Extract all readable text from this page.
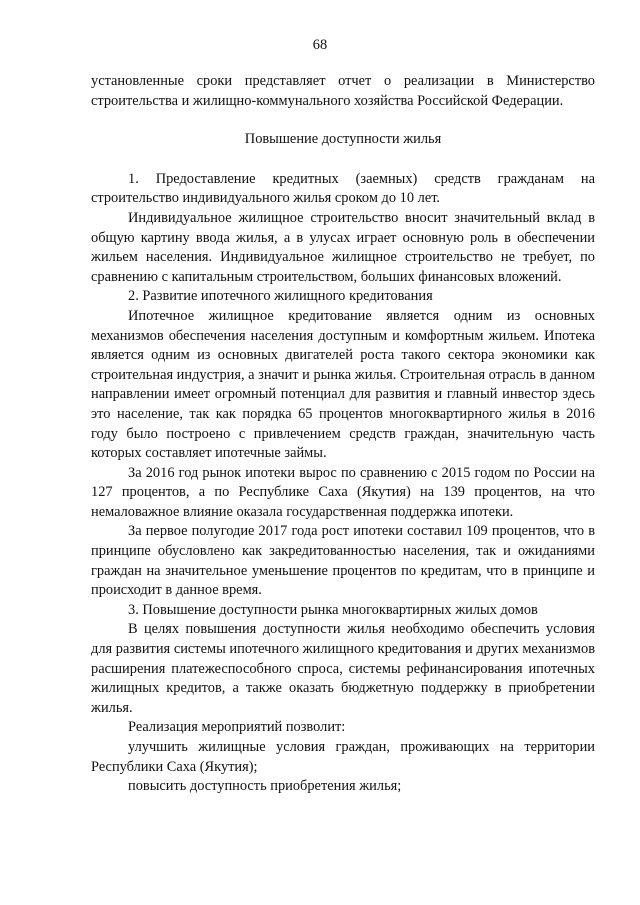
68

установленные сроки представляет отчет о реализации в Министерство строительства и жилищно-коммунального хозяйства Российской Федерации.

Повышение доступности жилья

1. Предоставление кредитных (заемных) средств гражданам на строительство индивидуального жилья сроком до 10 лет.

Индивидуальное жилищное строительство вносит значительный вклад в общую картину ввода жилья, а в улусах играет основную роль в обеспечении жильем населения. Индивидуальное жилищное строительство не требует, по сравнению с капитальным строительством, больших финансовых вложений.

2. Развитие ипотечного жилищного кредитования

Ипотечное жилищное кредитование является одним из основных механизмов обеспечения населения доступным и комфортным жильем. Ипотека является одним из основных двигателей роста такого сектора экономики как строительная индустрия, а значит и рынка жилья. Строительная отрасль в данном направлении имеет огромный потенциал для развития и главный инвестор здесь это население, так как порядка 65 процентов многоквартирного жилья в 2016 году было построено с привлечением средств граждан, значительную часть которых составляет ипотечные займы.

За 2016 год рынок ипотеки вырос по сравнению с 2015 годом по России на 127 процентов, а по Республике Саха (Якутия) на 139 процентов, на что немаловажное влияние оказала государственная поддержка ипотеки.

За первое полугодие 2017 года рост ипотеки составил 109 процентов, что в принципе обусловлено как закредитованностью населения, так и ожиданиями граждан на значительное уменьшение процентов по кредитам, что в принципе и происходит в данное время.

3. Повышение доступности рынка многоквартирных жилых домов

В целях повышения доступности жилья необходимо обеспечить условия для развития системы ипотечного жилищного кредитования и других механизмов расширения платежеспособного спроса, системы рефинансирования ипотечных жилищных кредитов, а также оказать бюджетную поддержку в приобретении жилья.

Реализация мероприятий позволит:

улучшить жилищные условия граждан, проживающих на территории Республики Саха (Якутия);

повысить доступность приобретения жилья;
